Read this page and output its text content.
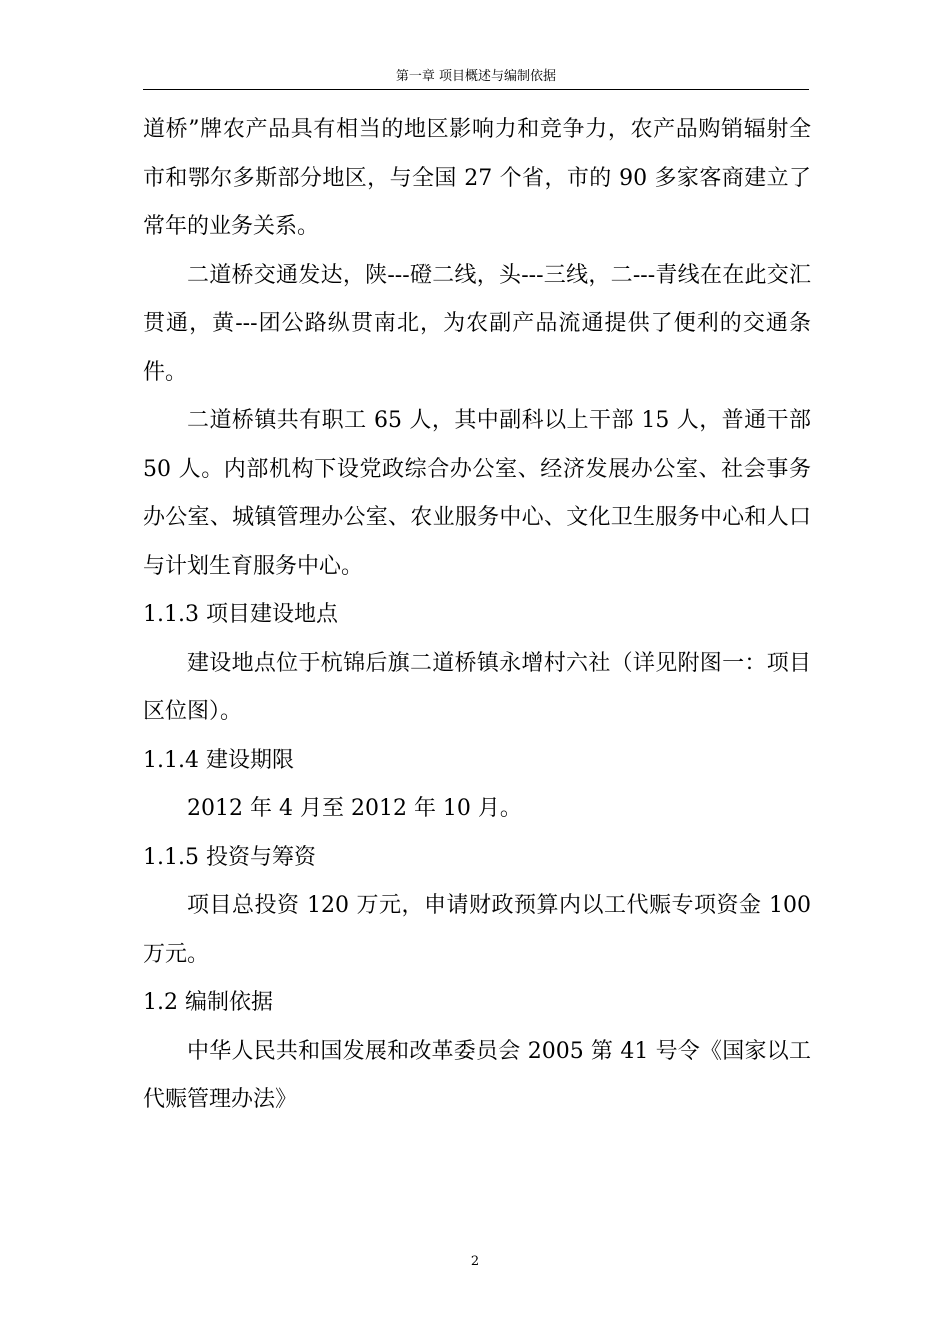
第一章 项目概述与编制依据

道桥”牌农产品具有相当的地区影响力和竞争力，农产品购销辐射全市和鄂尔多斯部分地区，与全国 27 个省，市的 90 多家客商建立了常年的业务关系。

二道桥交通发达，陕---磴二线，头---三线，二---青线在在此交汇贯通，黄---团公路纵贯南北，为农副产品流通提供了便利的交通条件。

二道桥镇共有职工 65 人，其中副科以上干部 15 人，普通干部 50 人。内部机构下设党政综合办公室、经济发展办公室、社会事务办公室、城镇管理办公室、农业服务中心、文化卫生服务中心和人口与计划生育服务中心。

1.1.3 项目建设地点

建设地点位于杭锦后旗二道桥镇永增村六社（详见附图一：项目区位图）。

1.1.4 建设期限

2012 年 4 月至 2012 年 10 月。

1.1.5 投资与筹资

项目总投资 120 万元，申请财政预算内以工代赈专项资金 100 万元。

1.2 编制依据

中华人民共和国发展和改革委员会 2005 第 41 号令《国家以工代赈管理办法》

2
